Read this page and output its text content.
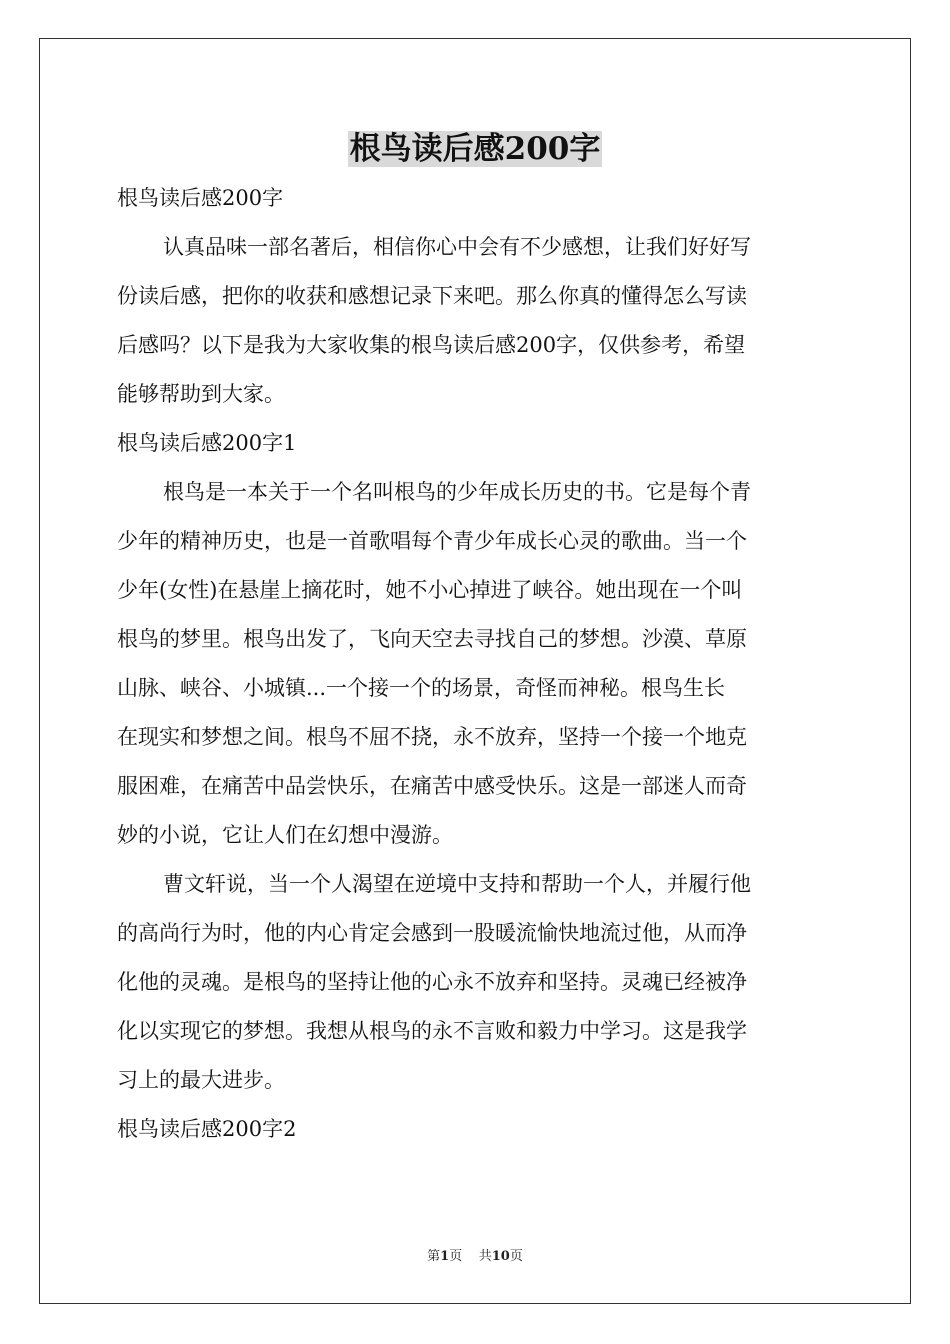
根鸟读后感200字

根鸟读后感200字

认真品味一部名著后，相信你心中会有不少感想，让我们好好写

份读后感，把你的收获和感想记录下来吧。那么你真的懂得怎么写读

后感吗？以下是我为大家收集的根鸟读后感200字，仅供参考，希望

能够帮助到大家。

根鸟读后感200字1

根鸟是一本关于一个名叫根鸟的少年成长历史的书。它是每个青

少年的精神历史，也是一首歌唱每个青少年成长心灵的歌曲。当一个

少年(女性)在悬崖上摘花时，她不小心掉进了峡谷。她出现在一个叫

根鸟的梦里。根鸟出发了，飞向天空去寻找自己的梦想。沙漠、草原

山脉、峡谷、小城镇...一个接一个的场景，奇怪而神秘。根鸟生长

在现实和梦想之间。根鸟不屈不挠，永不放弃，坚持一个接一个地克

服困难，在痛苦中品尝快乐，在痛苦中感受快乐。这是一部迷人而奇

妙的小说，它让人们在幻想中漫游。

曹文轩说，当一个人渴望在逆境中支持和帮助一个人，并履行他

的高尚行为时，他的内心肯定会感到一股暖流愉快地流过他，从而净

化他的灵魂。是根鸟的坚持让他的心永不放弃和坚持。灵魂已经被净

化以实现它的梦想。我想从根鸟的永不言败和毅力中学习。这是我学

习上的最大进步。

根鸟读后感200字2

第1页 共10页
